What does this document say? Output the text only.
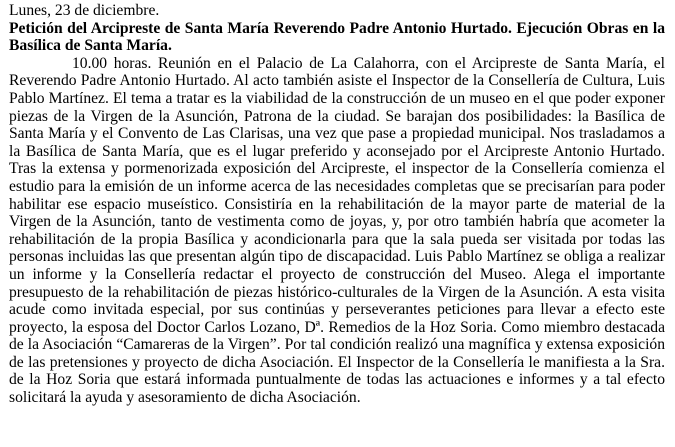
Lunes, 23 de diciembre.

Petición del Arcipreste de Santa María Reverendo Padre Antonio Hurtado. Ejecución Obras en la Basílica de Santa María.

10.00 horas. Reunión en el Palacio de La Calahorra, con el Arcipreste de Santa María, el Reverendo Padre Antonio Hurtado. Al acto también asiste el Inspector de la Consellería de Cultura, Luis Pablo Martínez. El tema a tratar es la viabilidad de la construcción de un museo en el que poder exponer piezas de la Virgen de la Asunción, Patrona de la ciudad. Se barajan dos posibilidades: la Basílica de Santa María y el Convento de Las Clarisas, una vez que pase a propiedad municipal. Nos trasladamos a la Basílica de Santa María, que es el lugar preferido y aconsejado por el Arcipreste Antonio Hurtado. Tras la extensa y pormenorizada exposición del Arcipreste, el inspector de la Consellería comienza el estudio para la emisión de un informe acerca de las necesidades completas que se precisarían para poder habilitar ese espacio museístico. Consistiría en la rehabilitación de la mayor parte de material de la Virgen de la Asunción, tanto de vestimenta como de joyas, y, por otro también habría que acometer la rehabilitación de la propia Basílica y acondicionarla para que la sala pueda ser visitada por todas las personas incluidas las que presentan algún tipo de discapacidad. Luis Pablo Martínez se obliga a realizar un informe y la Consellería redactar el proyecto de construcción del Museo. Alega el importante presupuesto de la rehabilitación de piezas histórico-culturales de la Virgen de la Asunción. A esta visita acude como invitada especial, por sus continúas y perseverantes peticiones para llevar a efecto este proyecto, la esposa del Doctor Carlos Lozano, Dª. Remedios de la Hoz Soria. Como miembro destacada de la Asociación “Camareras de la Virgen”. Por tal condición realizó una magnífica y extensa exposición de las pretensiones y proyecto de dicha Asociación. El Inspector de la Consellería le manifiesta a la Sra. de la Hoz Soria que estará informada puntualmente de todas las actuaciones e informes y a tal efecto solicitará la ayuda y asesoramiento de dicha Asociación.
